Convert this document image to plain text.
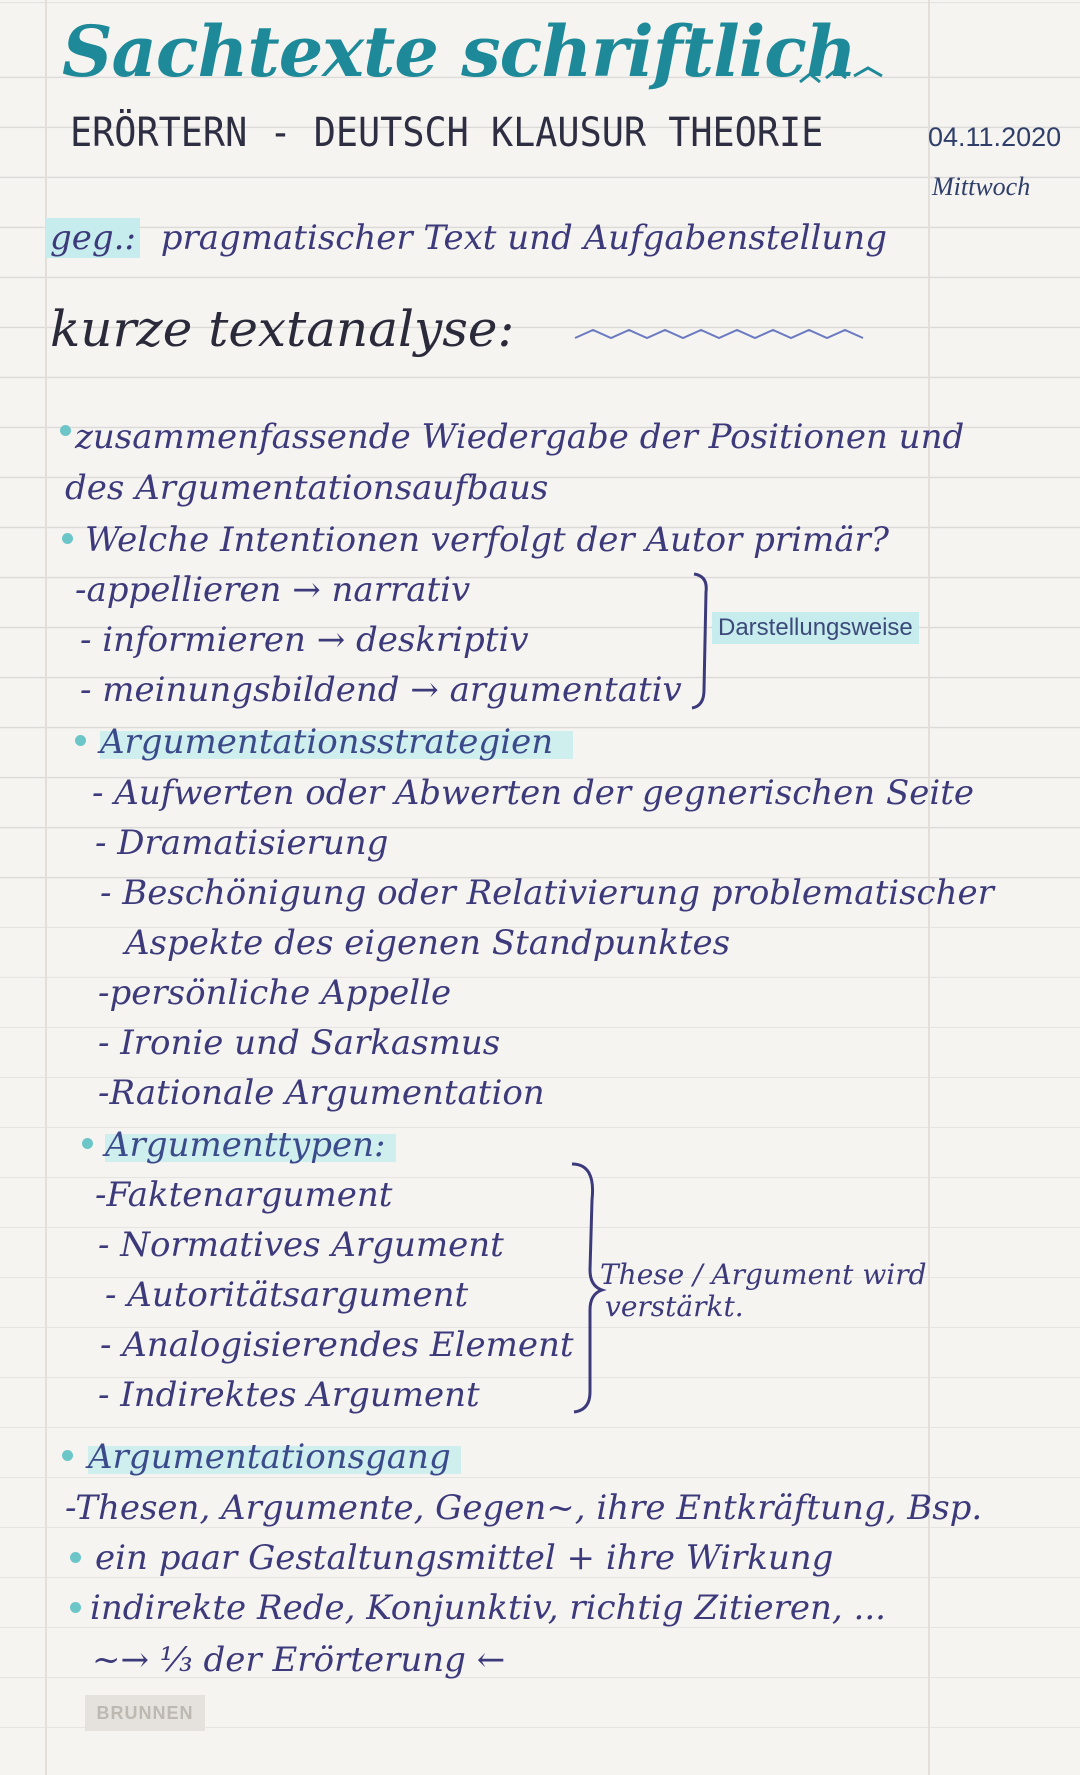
Sachtexte schriftlich
ERÖRTERN - DEUTSCH KLAUSUR THEORIE	04.11.2020
Mittwoch
geg.: pragmatischer Text und Aufgabenstellung
kurze textanalyse:
zusammenfassende Wiedergabe der Positionen und
des Argumentationsaufbaus
Welche Intentionen verfolgt der Autor primär?
-appellieren → narrativ
- informieren → deskriptiv
- meinungsbildend → argumentativ
Darstellungsweise
Argumentationsstrategien
- Aufwerten oder Abwerten der gegnerischen Seite
- Dramatisierung
- Beschönigung oder Relativierung problematischer
Aspekte des eigenen Standpunktes
-persönliche Appelle
- Ironie und Sarkasmus
-Rationale Argumentation
Argumenttypen:
-Faktenargument
- Normatives Argument
- Autoritätsargument
- Analogisierendes Element
- Indirektes Argument
These / Argument wird
verstärkt.
Argumentationsgang
-Thesen, Argumente, Gegen~, ihre Entkräftung, Bsp.
ein paar Gestaltungsmittel + ihre Wirkung
indirekte Rede, Konjunktiv, richtig Zitieren, ...
~→ ⅓ der Erörterung ←
BRUNNEN
